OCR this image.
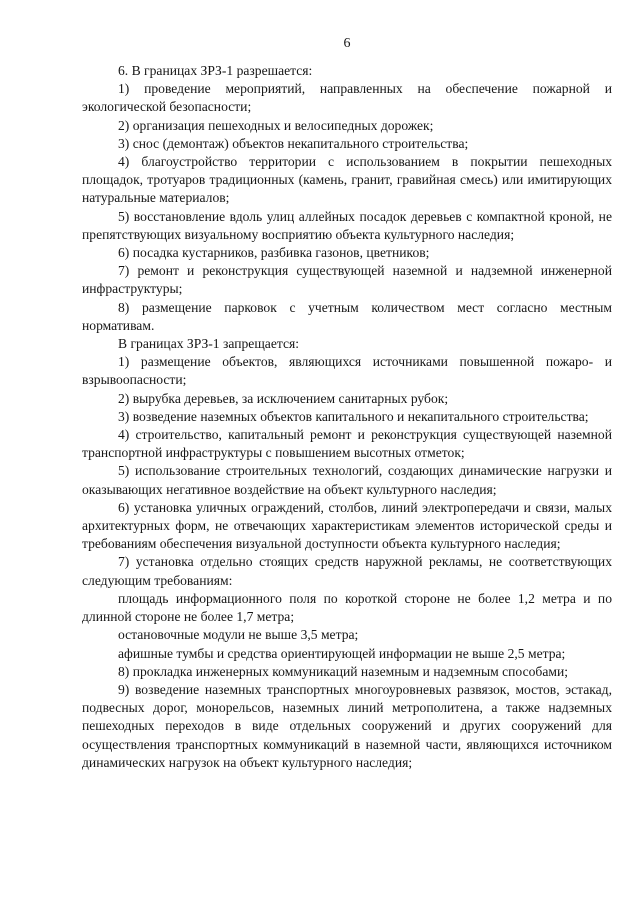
6

6. В границах ЗРЗ-1 разрешается:

1) проведение мероприятий, направленных на обеспечение пожарной и экологической безопасности;

2) организация пешеходных и велосипедных дорожек;

3) снос (демонтаж) объектов некапитального строительства;

4) благоустройство территории с использованием в покрытии пешеходных площадок, тротуаров традиционных (камень, гранит, гравийная смесь) или имитирующих натуральные материалов;

5) восстановление вдоль улиц аллейных посадок деревьев с компактной кроной, не препятствующих визуальному восприятию объекта культурного наследия;

6) посадка кустарников, разбивка газонов, цветников;

7) ремонт и реконструкция существующей наземной и надземной инженерной инфраструктуры;

8) размещение парковок с учетным количеством мест согласно местным нормативам.

В границах ЗРЗ-1 запрещается:

1) размещение объектов, являющихся источниками повышенной пожаро- и взрывоопасности;

2) вырубка деревьев, за исключением санитарных рубок;

3) возведение наземных объектов капитального и некапитального строительства;

4) строительство, капитальный ремонт и реконструкция существующей наземной транспортной инфраструктуры с повышением высотных отметок;

5) использование строительных технологий, создающих динамические нагрузки и оказывающих негативное воздействие на объект культурного наследия;

6) установка уличных ограждений, столбов, линий электропередачи и связи, малых архитектурных форм, не отвечающих характеристикам элементов исторической среды и требованиям обеспечения визуальной доступности объекта культурного наследия;

7) установка отдельно стоящих средств наружной рекламы, не соответствующих следующим требованиям:

площадь информационного поля по короткой стороне не более 1,2 метра и по длинной стороне не более 1,7 метра;

остановочные модули не выше 3,5 метра;

афишные тумбы и средства ориентирующей информации не выше 2,5 метра;

8) прокладка инженерных коммуникаций наземным и надземным способами;

9) возведение наземных транспортных многоуровневых развязок, мостов, эстакад, подвесных дорог, монорельсов, наземных линий метрополитена, а также надземных пешеходных переходов в виде отдельных сооружений и других сооружений для осуществления транспортных коммуникаций в наземной части, являющихся источником динамических нагрузок на объект культурного наследия;
